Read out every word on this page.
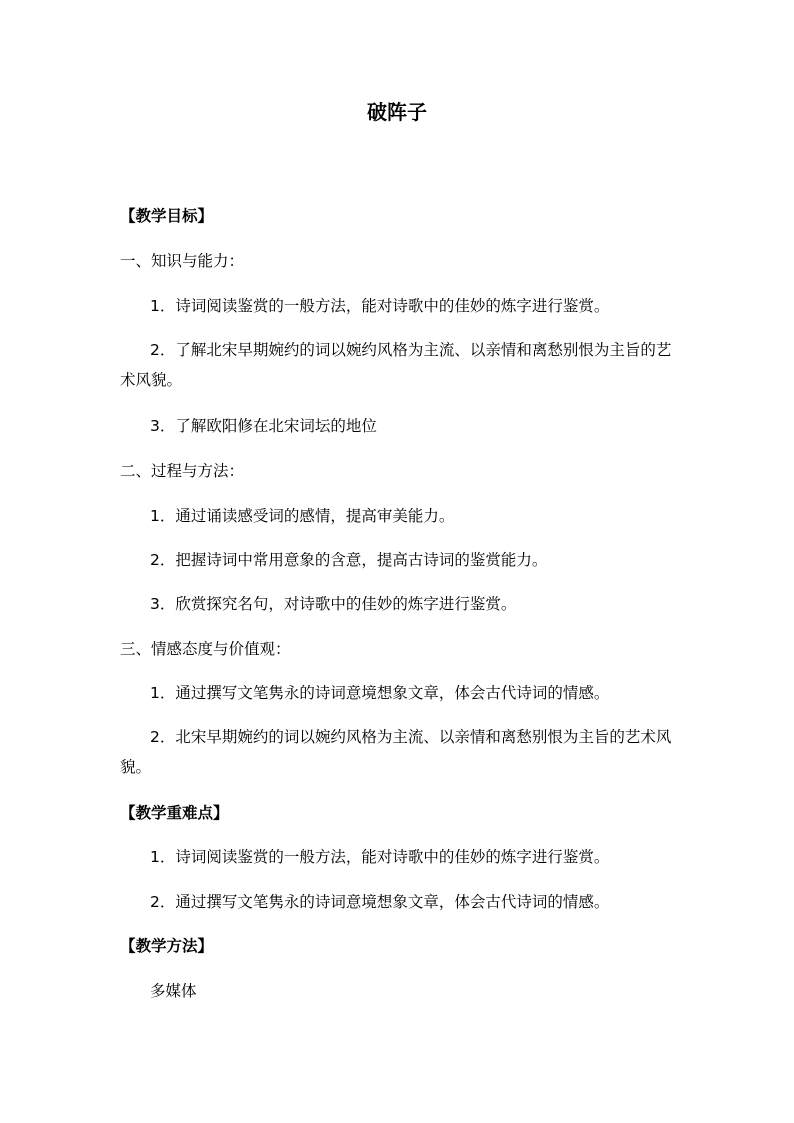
破阵子
【教学目标】
一、知识与能力：
1．诗词阅读鉴赏的一般方法，能对诗歌中的佳妙的炼字进行鉴赏。
2．了解北宋早期婉约的词以婉约风格为主流、以亲情和离愁别恨为主旨的艺术风貌。
3．了解欧阳修在北宋词坛的地位
二、过程与方法：
1．通过诵读感受词的感情，提高审美能力。
2．把握诗词中常用意象的含意，提高古诗词的鉴赏能力。
3．欣赏探究名句，对诗歌中的佳妙的炼字进行鉴赏。
三、情感态度与价值观：
1．通过撰写文笔隽永的诗词意境想象文章，体会古代诗词的情感。
2．北宋早期婉约的词以婉约风格为主流、以亲情和离愁别恨为主旨的艺术风貌。
【教学重难点】
1．诗词阅读鉴赏的一般方法，能对诗歌中的佳妙的炼字进行鉴赏。
2．通过撰写文笔隽永的诗词意境想象文章，体会古代诗词的情感。
【教学方法】
多媒体
